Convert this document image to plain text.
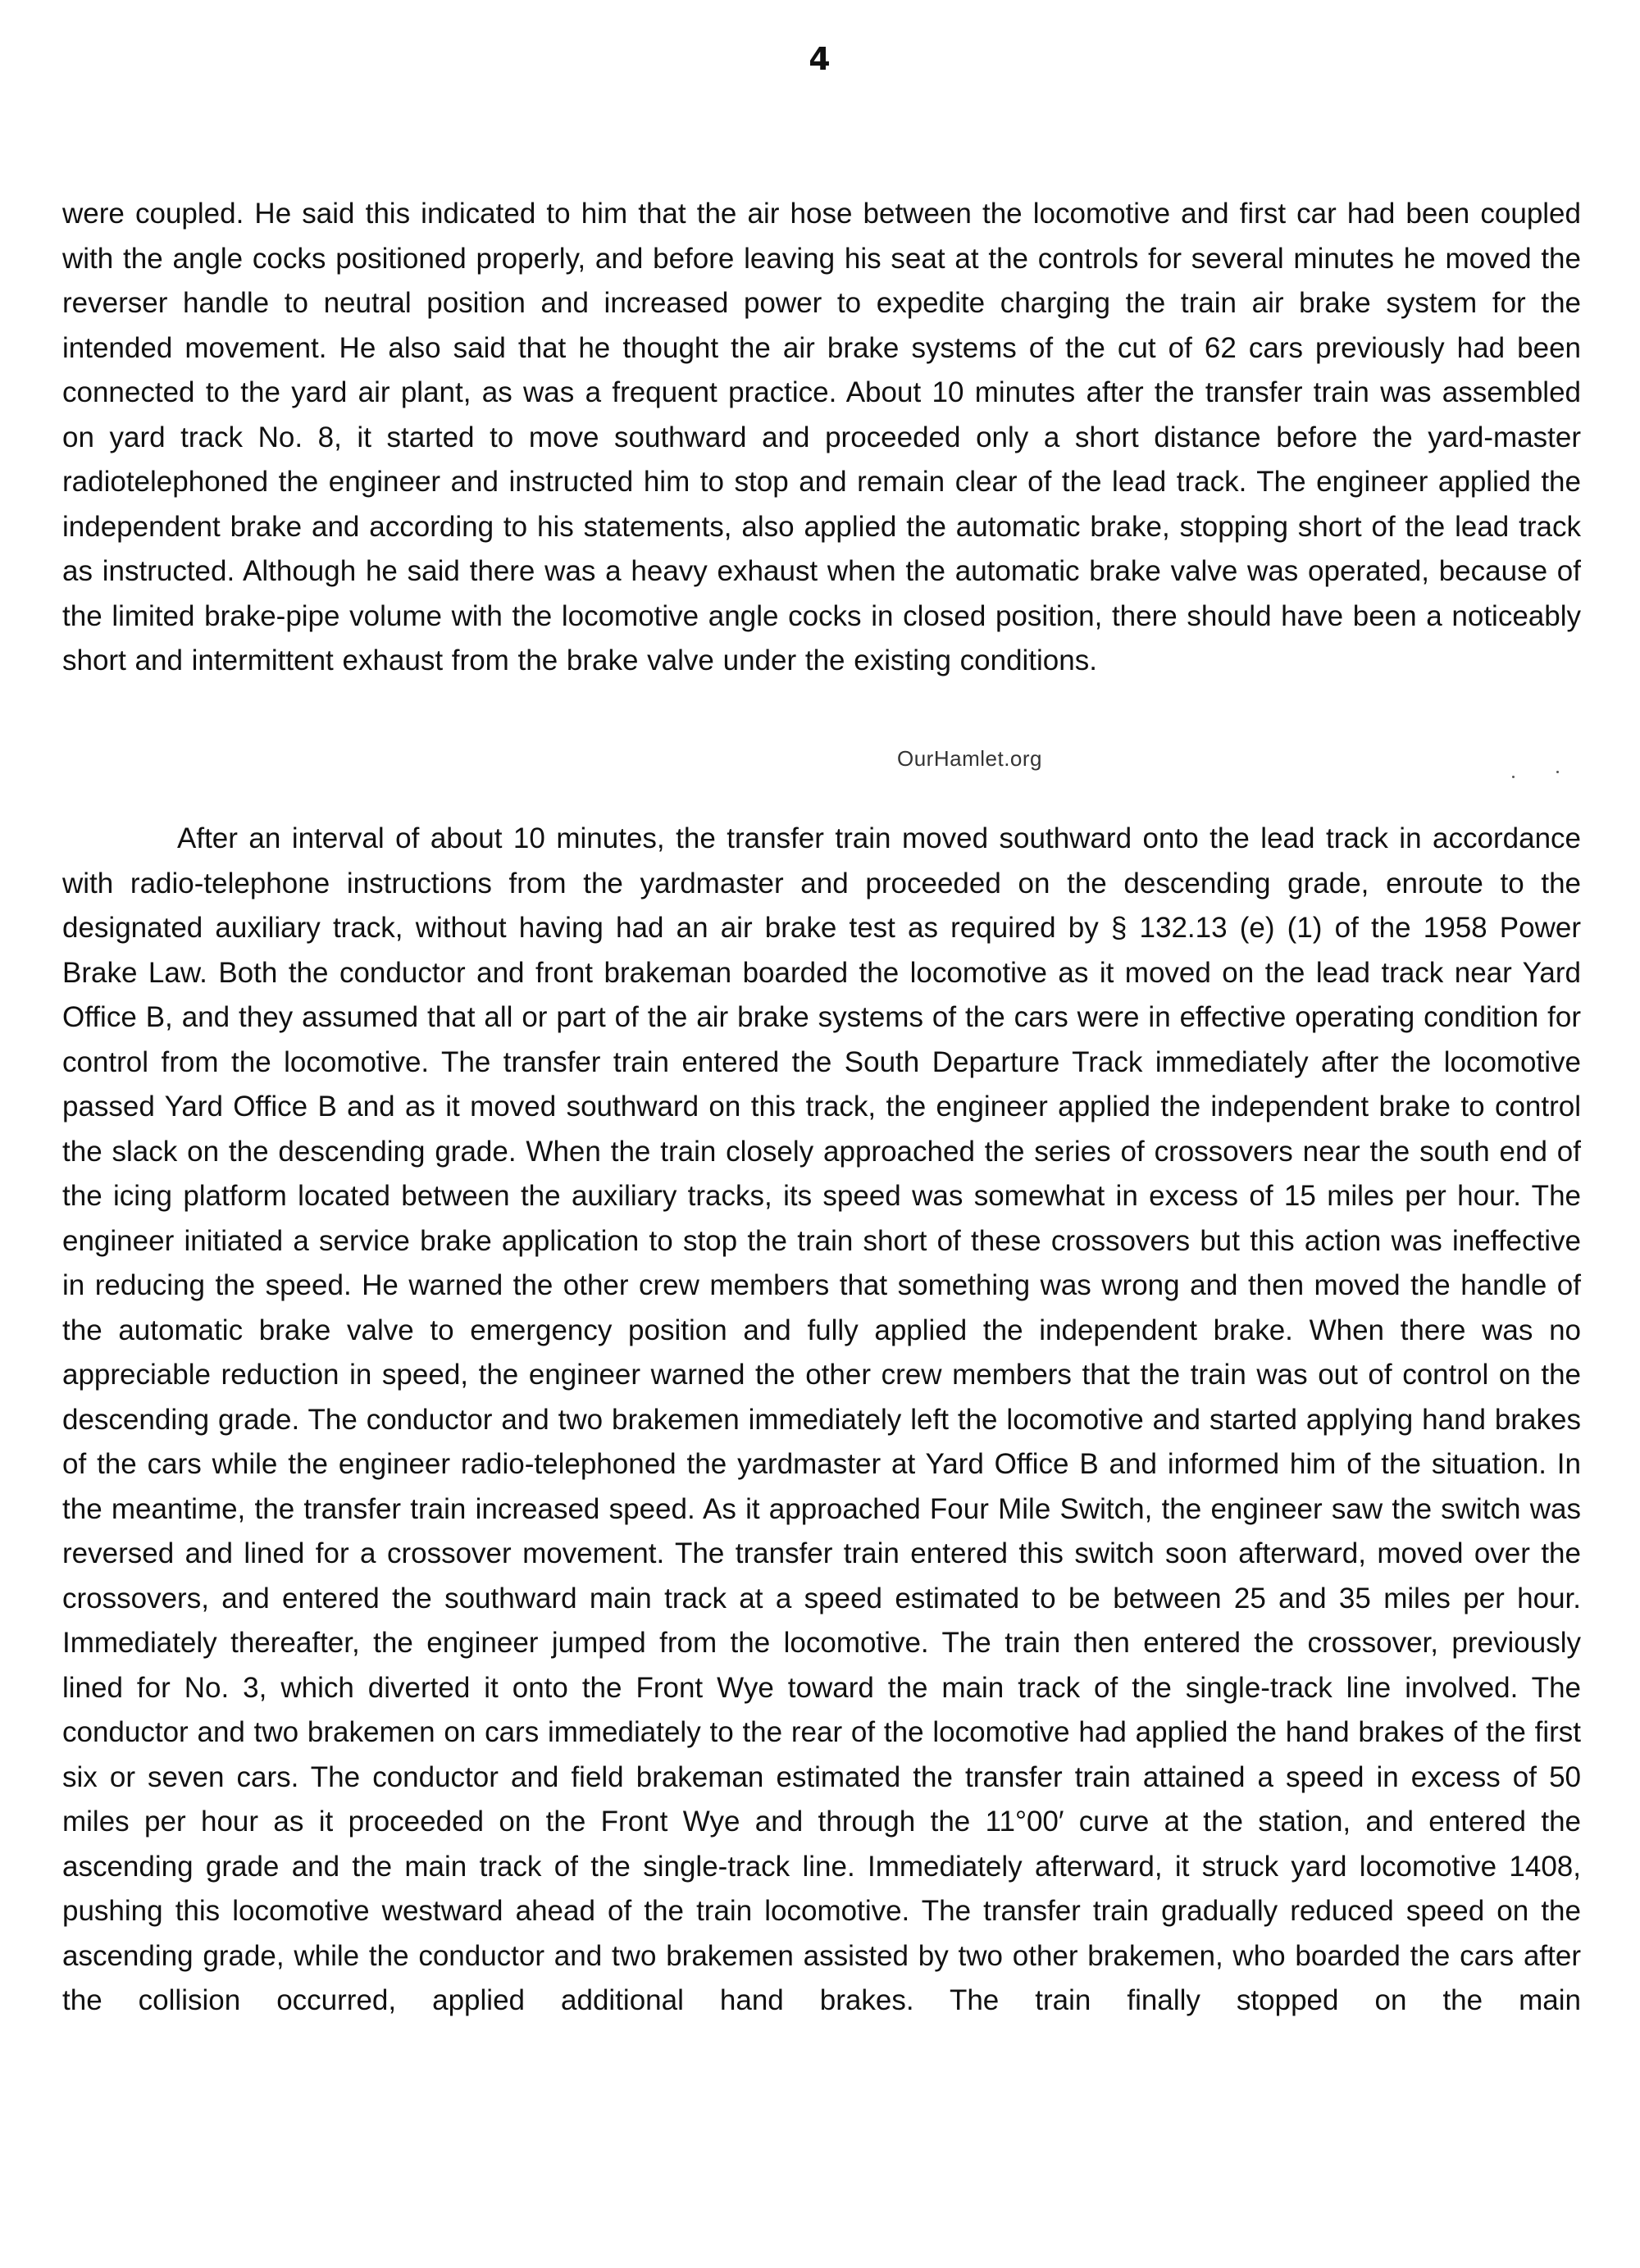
4

were coupled. He said this indicated to him that the air hose between the locomotive and first car had been coupled with the angle cocks positioned properly, and before leaving his seat at the controls for several minutes he moved the reverser handle to neutral position and increased power to expedite charging the train air brake system for the intended movement. He also said that he thought the air brake systems of the cut of 62 cars previously had been connected to the yard air plant, as was a frequent practice. About 10 minutes after the transfer train was assembled on yard track No. 8, it started to move southward and proceeded only a short distance before the yard-master radiotelephoned the engineer and instructed him to stop and remain clear of the lead track. The engineer applied the independent brake and according to his statements, also applied the automatic brake, stopping short of the lead track as instructed. Although he said there was a heavy exhaust when the automatic brake valve was operated, because of the limited brake-pipe volume with the locomotive angle cocks in closed position, there should have been a noticeably short and intermittent exhaust from the brake valve under the existing conditions.

OurHamlet.org

After an interval of about 10 minutes, the transfer train moved southward onto the lead track in accordance with radio-telephone instructions from the yardmaster and proceeded on the descending grade, enroute to the designated auxiliary track, without having had an air brake test as required by § 132.13 (e) (1) of the 1958 Power Brake Law. Both the conductor and front brakeman boarded the locomotive as it moved on the lead track near Yard Office B, and they assumed that all or part of the air brake systems of the cars were in effective operating condition for control from the locomotive. The transfer train entered the South Departure Track immediately after the locomotive passed Yard Office B and as it moved southward on this track, the engineer applied the independent brake to control the slack on the descending grade. When the train closely approached the series of crossovers near the south end of the icing platform located between the auxiliary tracks, its speed was somewhat in excess of 15 miles per hour. The engineer initiated a service brake application to stop the train short of these crossovers but this action was ineffective in reducing the speed. He warned the other crew members that something was wrong and then moved the handle of the automatic brake valve to emergency position and fully applied the independent brake. When there was no appreciable reduction in speed, the engineer warned the other crew members that the train was out of control on the descending grade. The conductor and two brakemen immediately left the locomotive and started applying hand brakes of the cars while the engineer radio-telephoned the yardmaster at Yard Office B and informed him of the situation. In the meantime, the transfer train increased speed. As it approached Four Mile Switch, the engineer saw the switch was reversed and lined for a crossover movement. The transfer train entered this switch soon afterward, moved over the crossovers, and entered the southward main track at a speed estimated to be between 25 and 35 miles per hour. Immediately thereafter, the engineer jumped from the locomotive. The train then entered the crossover, previously lined for No. 3, which diverted it onto the Front Wye toward the main track of the single-track line involved. The conductor and two brakemen on cars immediately to the rear of the locomotive had applied the hand brakes of the first six or seven cars. The conductor and field brakeman estimated the transfer train attained a speed in excess of 50 miles per hour as it proceeded on the Front Wye and through the 11°00′ curve at the station, and entered the ascending grade and the main track of the single-track line. Immediately afterward, it struck yard locomotive 1408, pushing this locomotive westward ahead of the train locomotive. The transfer train gradually reduced speed on the ascending grade, while the conductor and two brakemen assisted by two other brakemen, who boarded the cars after the collision occurred, applied additional hand brakes. The train finally stopped on the main
